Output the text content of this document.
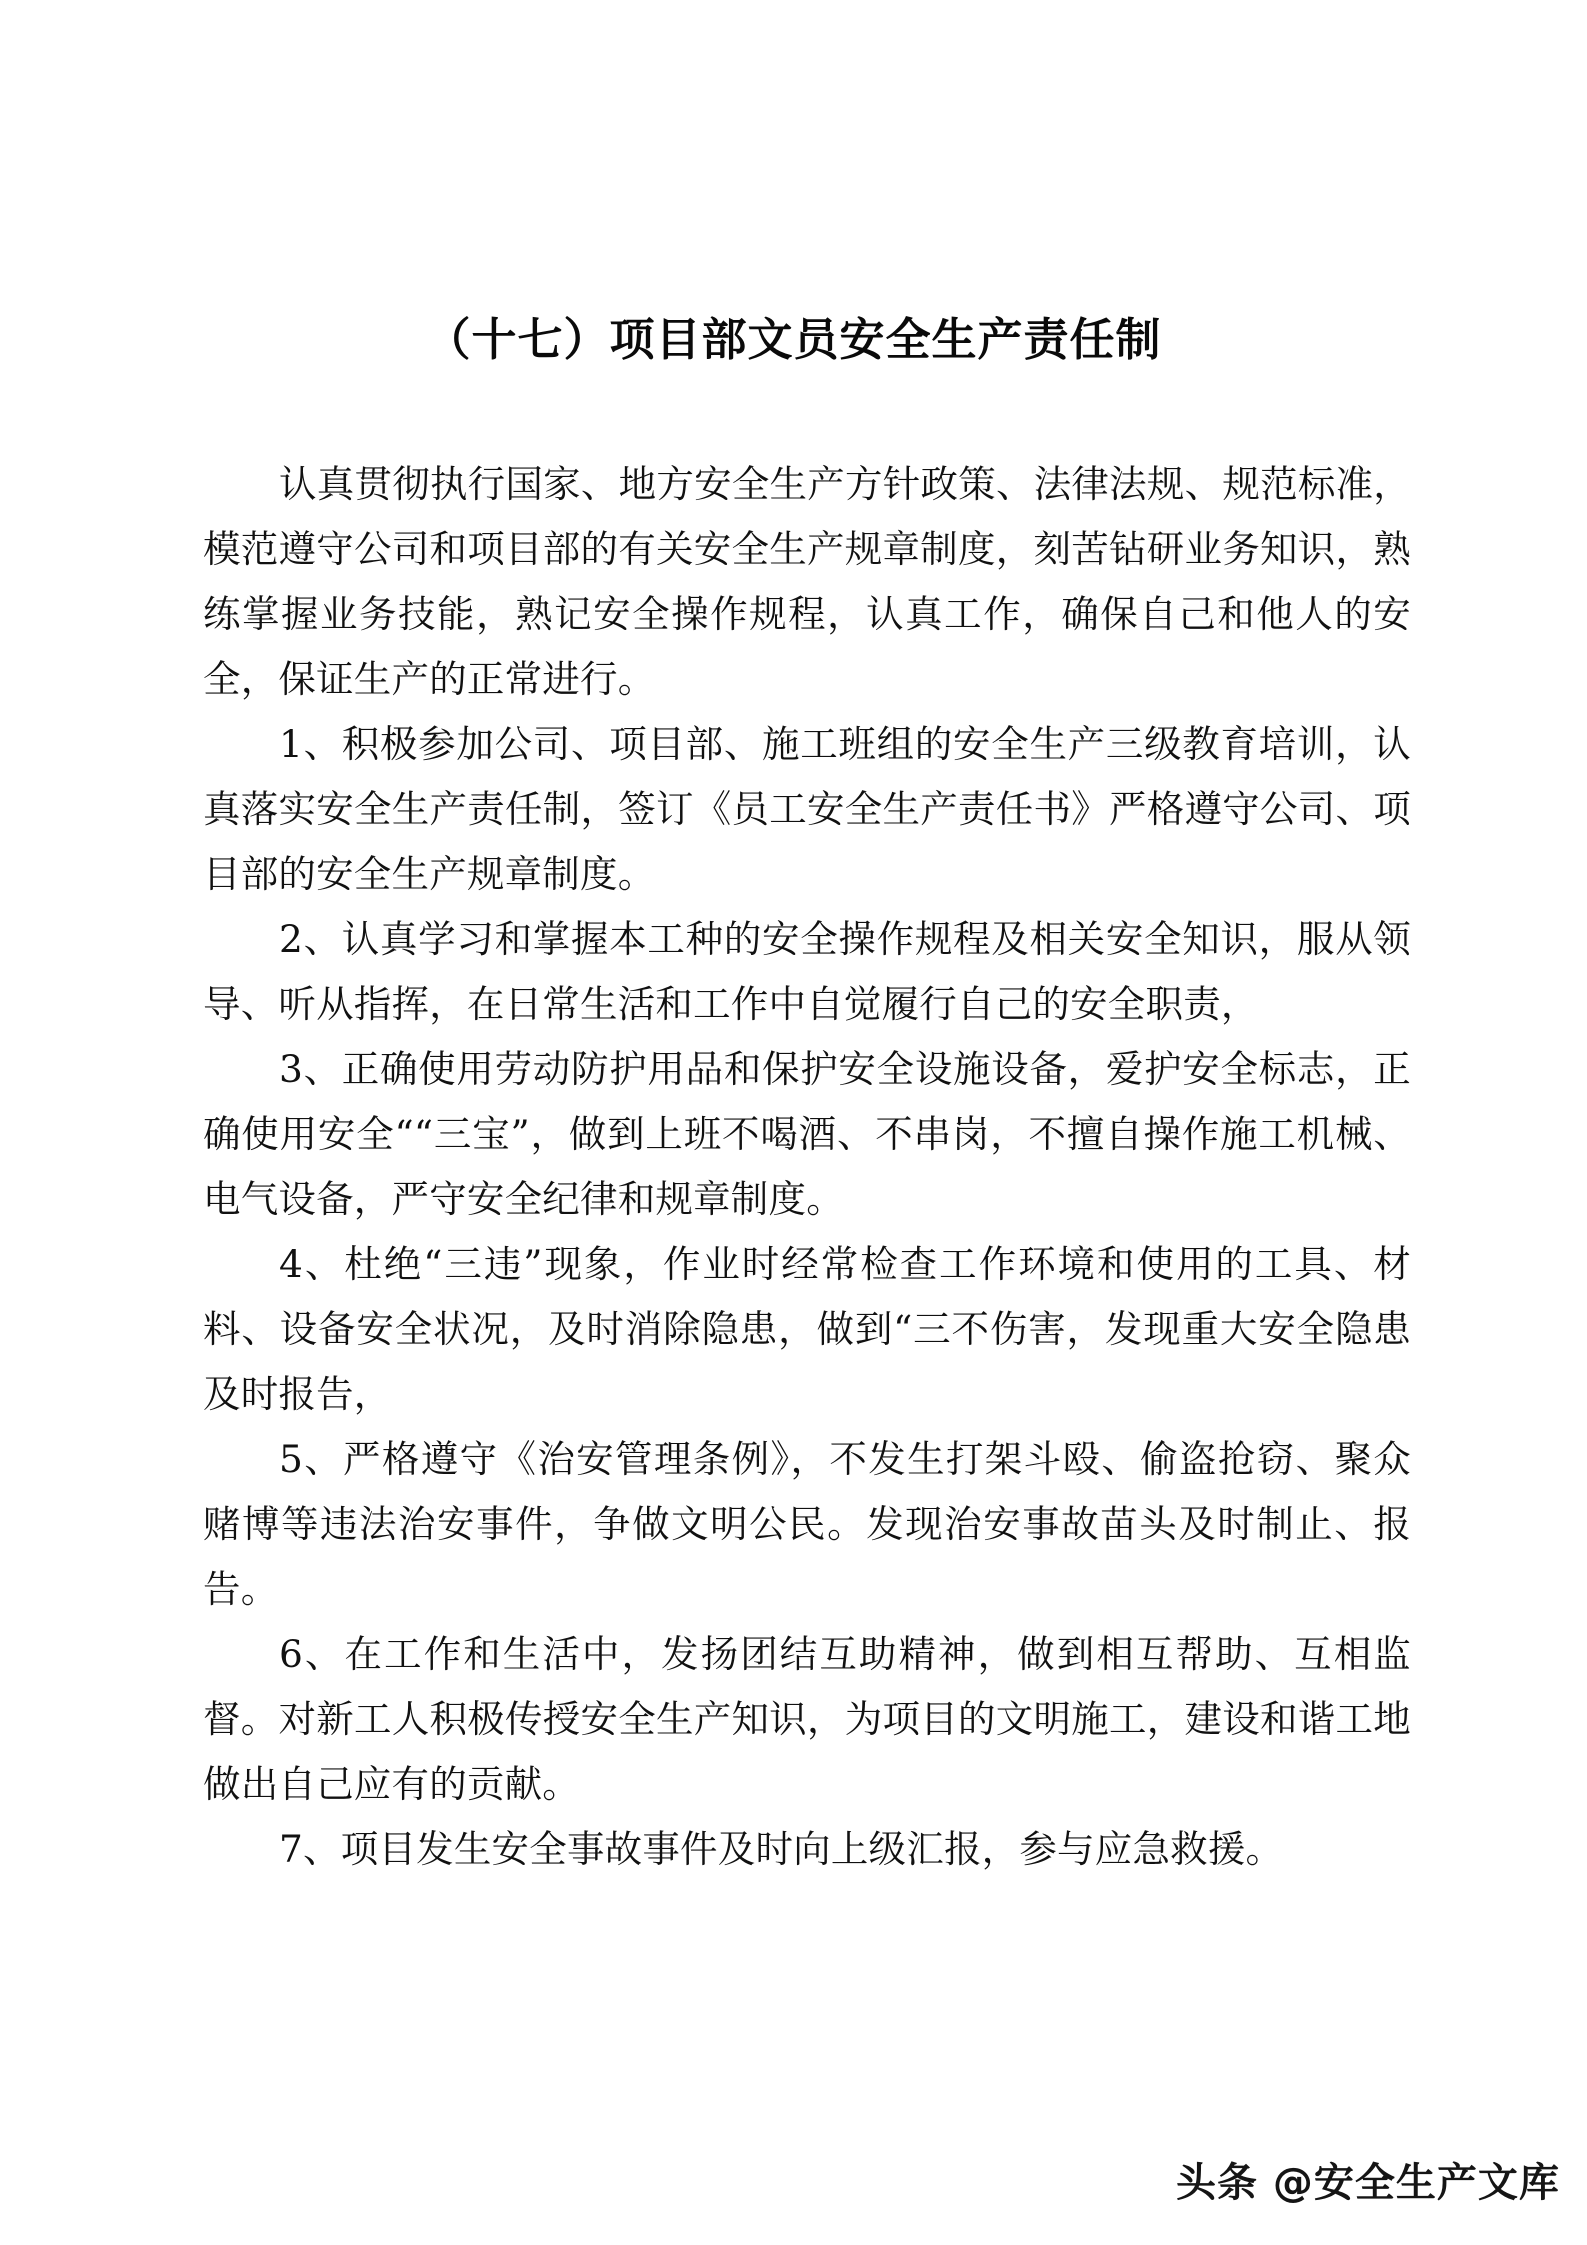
（十七）项目部文员安全生产责任制

认真贯彻执行国家、地方安全生产方针政策、法律法规、规范标准，模范遵守公司和项目部的有关安全生产规章制度，刻苦钻研业务知识，熟练掌握业务技能，熟记安全操作规程，认真工作，确保自己和他人的安全，保证生产的正常进行。

1、积极参加公司、项目部、施工班组的安全生产三级教育培训，认真落实安全生产责任制，签订《员工安全生产责任书》严格遵守公司、项目部的安全生产规章制度。

2、认真学习和掌握本工种的安全操作规程及相关安全知识，服从领导、听从指挥，在日常生活和工作中自觉履行自己的安全职责，

3、正确使用劳动防护用品和保护安全设施设备，爱护安全标志，正确使用安全““三宝”，做到上班不喝酒、不串岗，不擅自操作施工机械、电气设备，严守安全纪律和规章制度。

4、杜绝“三违”现象，作业时经常检查工作环境和使用的工具、材料、设备安全状况，及时消除隐患，做到“三不伤害，发现重大安全隐患及时报告，

5、严格遵守《治安管理条例》，不发生打架斗殴、偷盗抢窃、聚众赌博等违法治安事件，争做文明公民。发现治安事故苗头及时制止、报告。

6、在工作和生活中，发扬团结互助精神，做到相互帮助、互相监督。对新工人积极传授安全生产知识，为项目的文明施工，建设和谐工地做出自己应有的贡献。

7、项目发生安全事故事件及时向上级汇报，参与应急救援。

头条 @安全生产文库
